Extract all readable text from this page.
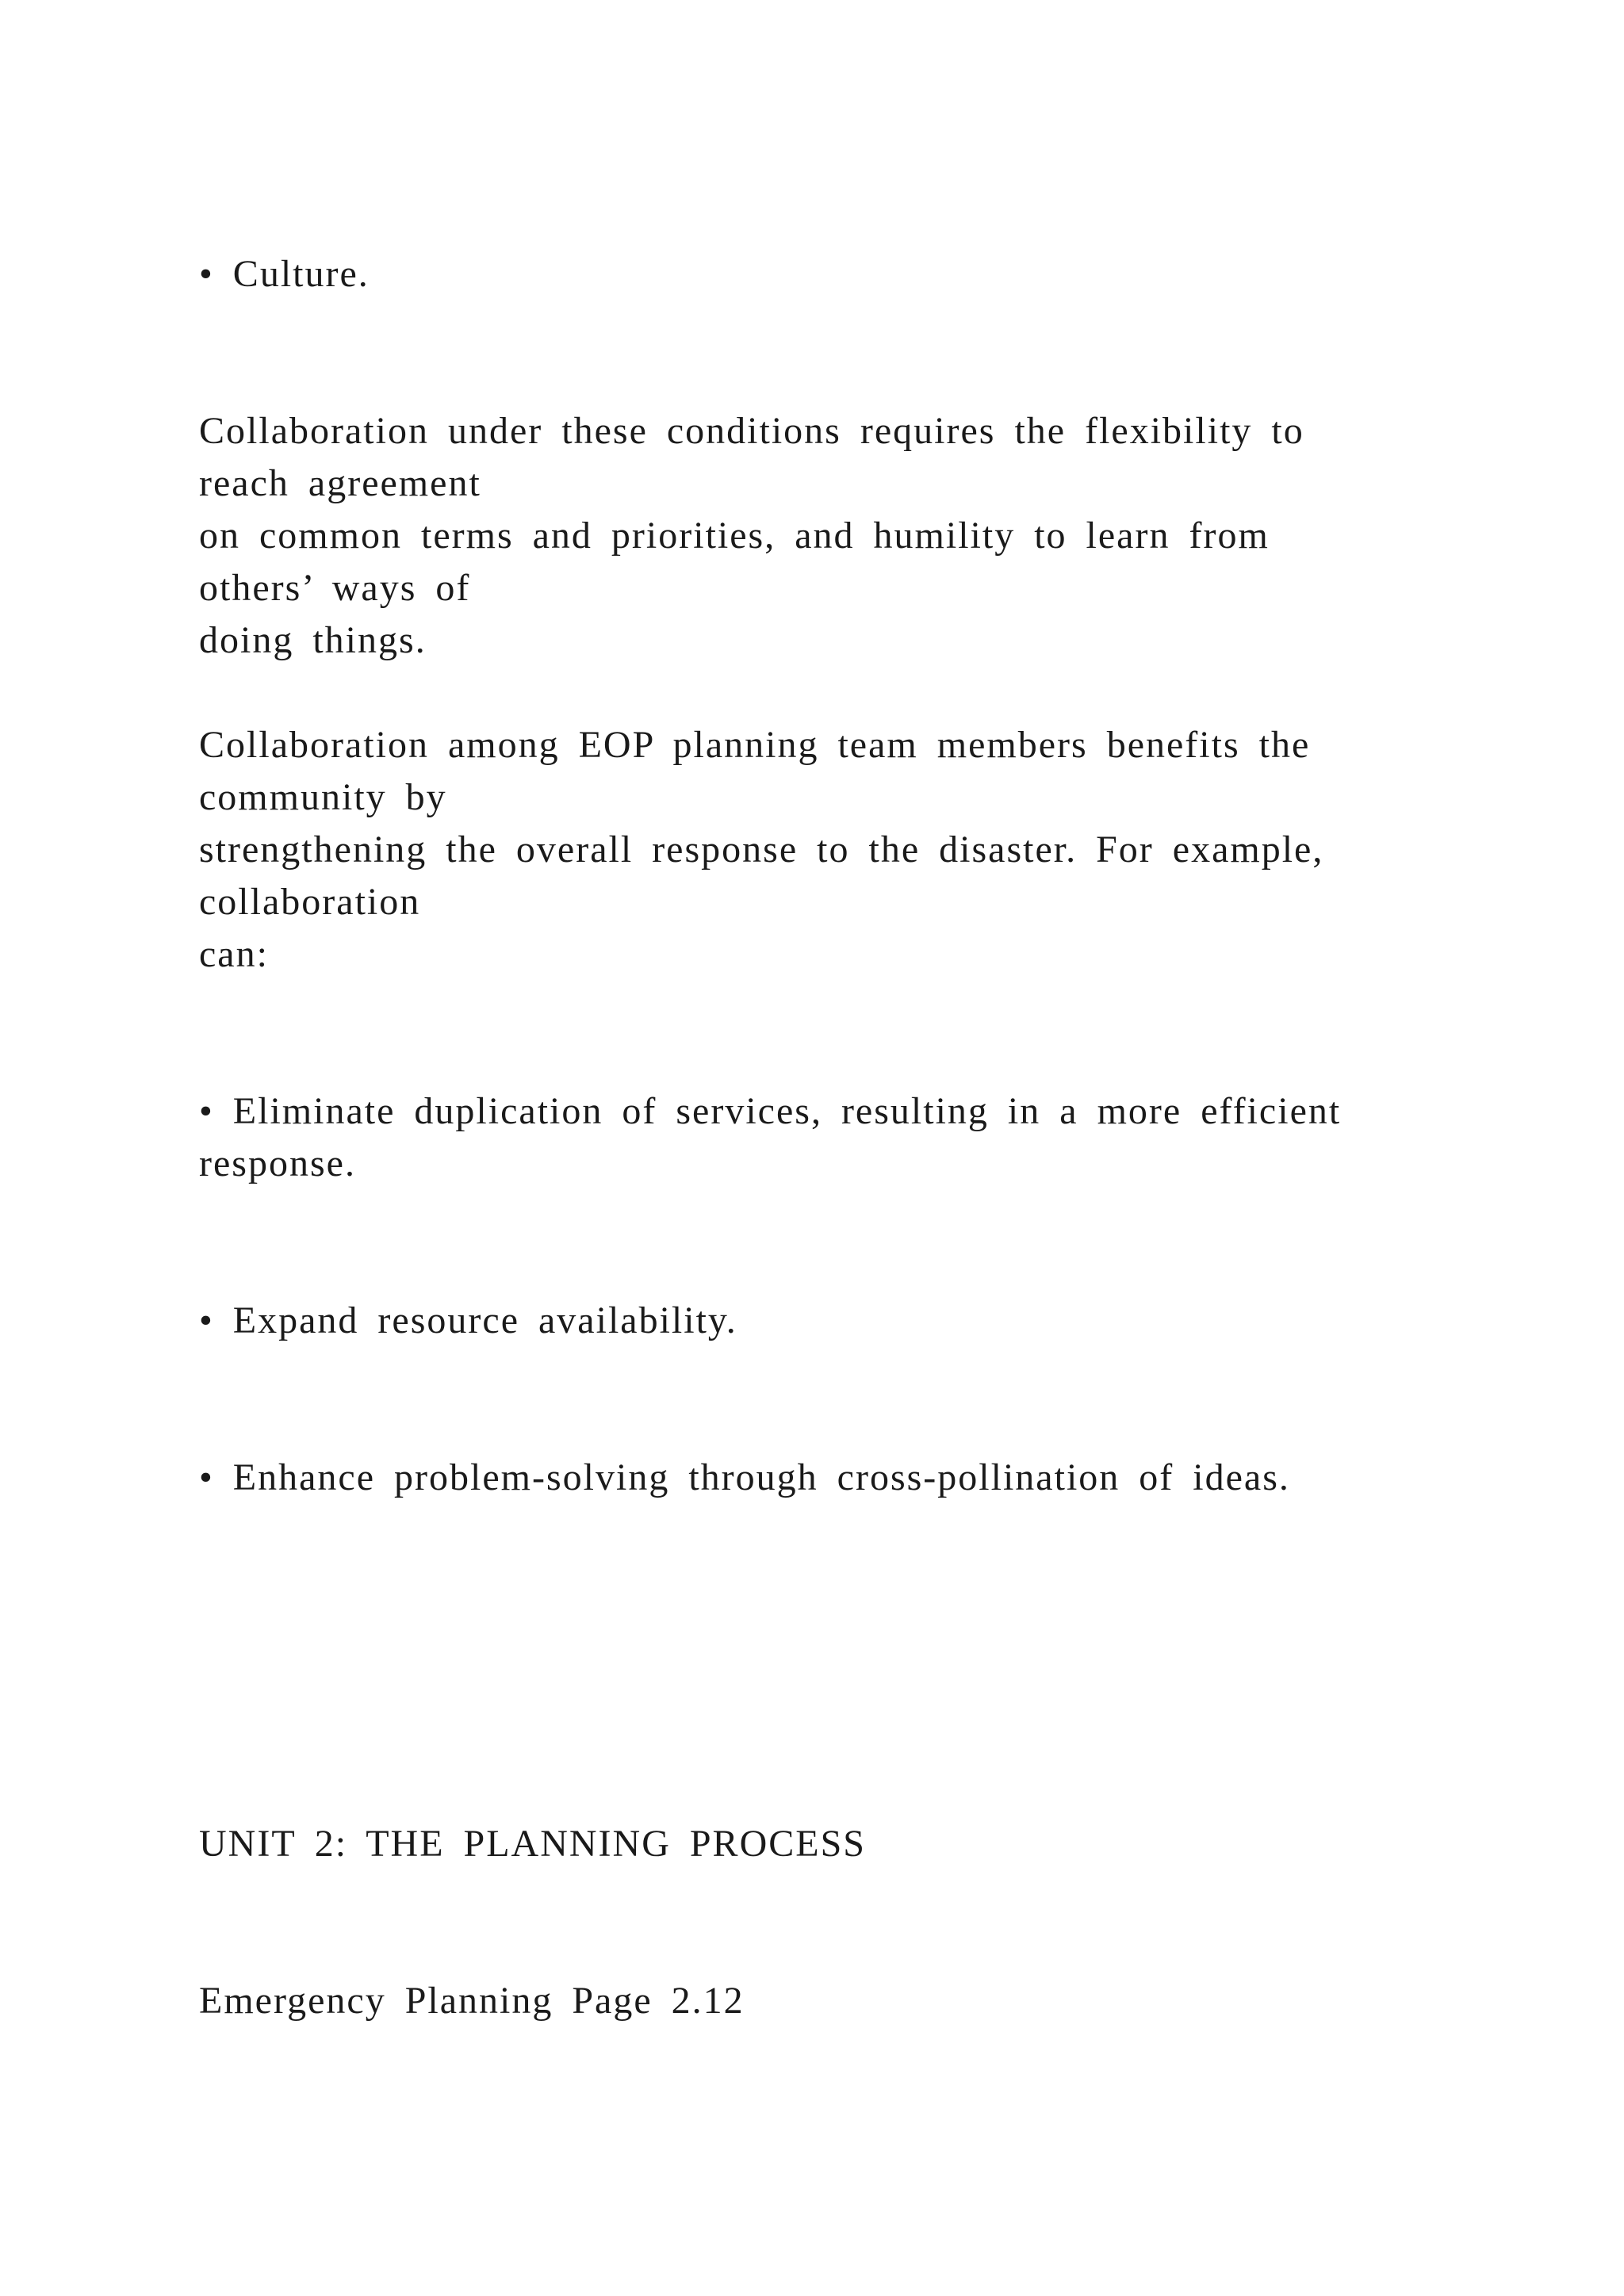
• Culture.
Collaboration under these conditions requires the flexibility to
reach agreement
on common terms and priorities, and humility to learn from
others’ ways of
doing things.
Collaboration among EOP planning team members benefits the
community by
strengthening the overall response to the disaster. For example,
collaboration
can:
• Eliminate duplication of services, resulting in a more efficient
response.
• Expand resource availability.
• Enhance problem-solving through cross-pollination of ideas.
UNIT 2: THE PLANNING PROCESS
Emergency Planning Page 2.12
